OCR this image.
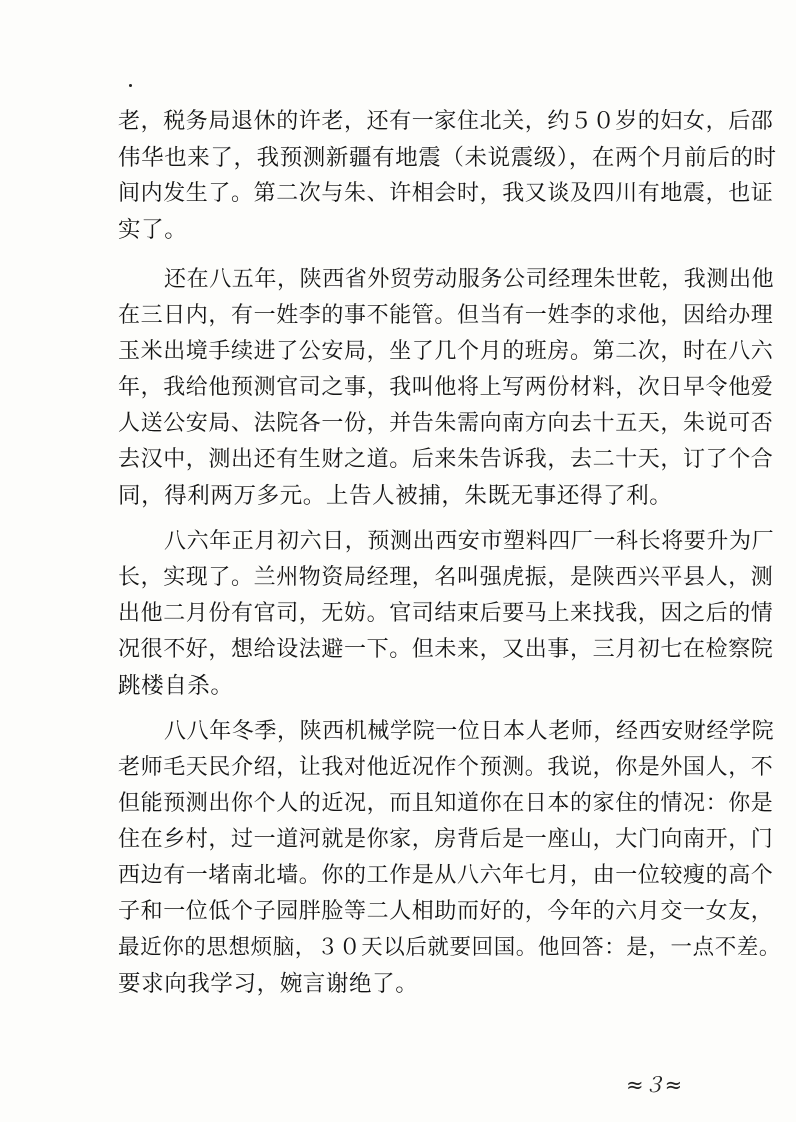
老，税务局退休的许老，还有一家住北关，约５０岁的妇女，后邵
伟华也来了，我预测新疆有地震（未说震级），在两个月前后的时
间内发生了。第二次与朱、许相会时，我又谈及四川有地震，也证
实了。
还在八五年，陕西省外贸劳动服务公司经理朱世乾，我测出他
在三日内，有一姓李的事不能管。但当有一姓李的求他，因给办理
玉米出境手续进了公安局，坐了几个月的班房。第二次，时在八六
年，我给他预测官司之事，我叫他将上写两份材料，次日早令他爱
人送公安局、法院各一份，并告朱需向南方向去十五天，朱说可否
去汉中，测出还有生财之道。后来朱告诉我，去二十天，订了个合
同，得利两万多元。上告人被捕，朱既无事还得了利。
八六年正月初六日，预测出西安市塑料四厂一科长将要升为厂
长，实现了。兰州物资局经理，名叫强虎振，是陕西兴平县人，测
出他二月份有官司，无妨。官司结束后要马上来找我，因之后的情
况很不好，想给设法避一下。但未来，又出事，三月初七在检察院
跳楼自杀。
八八年冬季，陕西机械学院一位日本人老师，经西安财经学院
老师毛天民介绍，让我对他近况作个预测。我说，你是外国人，不
但能预测出你个人的近况，而且知道你在日本的家住的情况：你是
住在乡村，过一道河就是你家，房背后是一座山，大门向南开，门
西边有一堵南北墙。你的工作是从八六年七月，由一位较瘦的高个
子和一位低个子园胖脸等二人相助而好的，今年的六月交一女友，
最近你的思想烦脑，３０天以后就要回国。他回答：是，一点不差。
要求向我学习，婉言谢绝了。
≈３≈
